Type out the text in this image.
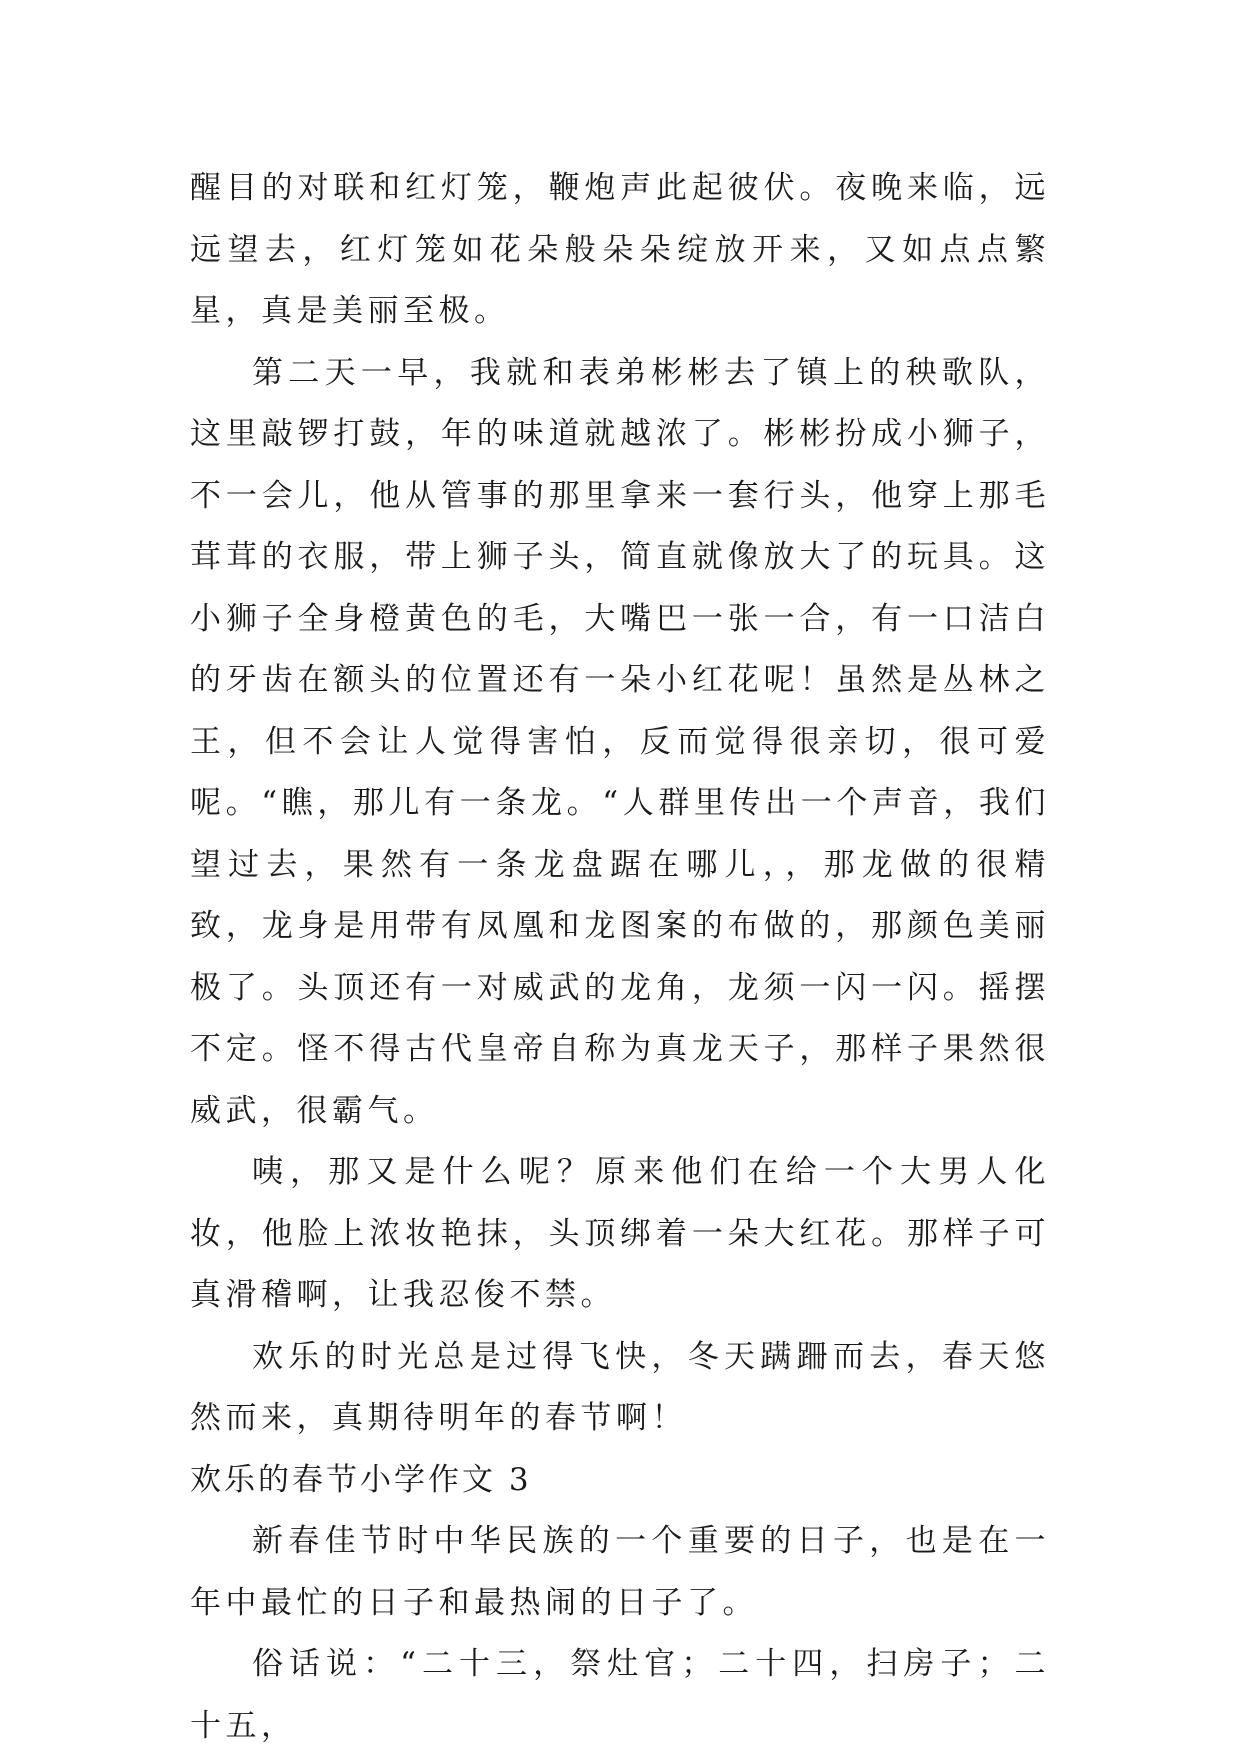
醒目的对联和红灯笼，鞭炮声此起彼伏。夜晚来临，远远望去，红灯笼如花朵般朵朵绽放开来，又如点点繁星，真是美丽至极。

第二天一早，我就和表弟彬彬去了镇上的秧歌队，这里敲锣打鼓，年的味道就越浓了。彬彬扮成小狮子，不一会儿，他从管事的那里拿来一套行头，他穿上那毛茸茸的衣服，带上狮子头，简直就像放大了的玩具。这小狮子全身橙黄色的毛，大嘴巴一张一合，有一口洁白的牙齿在额头的位置还有一朵小红花呢！虽然是丛林之王，但不会让人觉得害怕，反而觉得很亲切，很可爱呢。“瞧，那儿有一条龙。“人群里传出一个声音，我们望过去，果然有一条龙盘踞在哪儿，，那龙做的很精致，龙身是用带有凤凰和龙图案的布做的，那颜色美丽极了。头顶还有一对威武的龙角，龙须一闪一闪。摇摆不定。怪不得古代皇帝自称为真龙天子，那样子果然很威武，很霸气。

咦，那又是什么呢？原来他们在给一个大男人化妆，他脸上浓妆艳抹，头顶绑着一朵大红花。那样子可真滑稽啊，让我忍俊不禁。

欢乐的时光总是过得飞快，冬天蹒跚而去，春天悠然而来，真期待明年的春节啊！

欢乐的春节小学作文 3

新春佳节时中华民族的一个重要的日子，也是在一年中最忙的日子和最热闹的日子了。

俗话说：“二十三，祭灶官；二十四，扫房子；二十五，
